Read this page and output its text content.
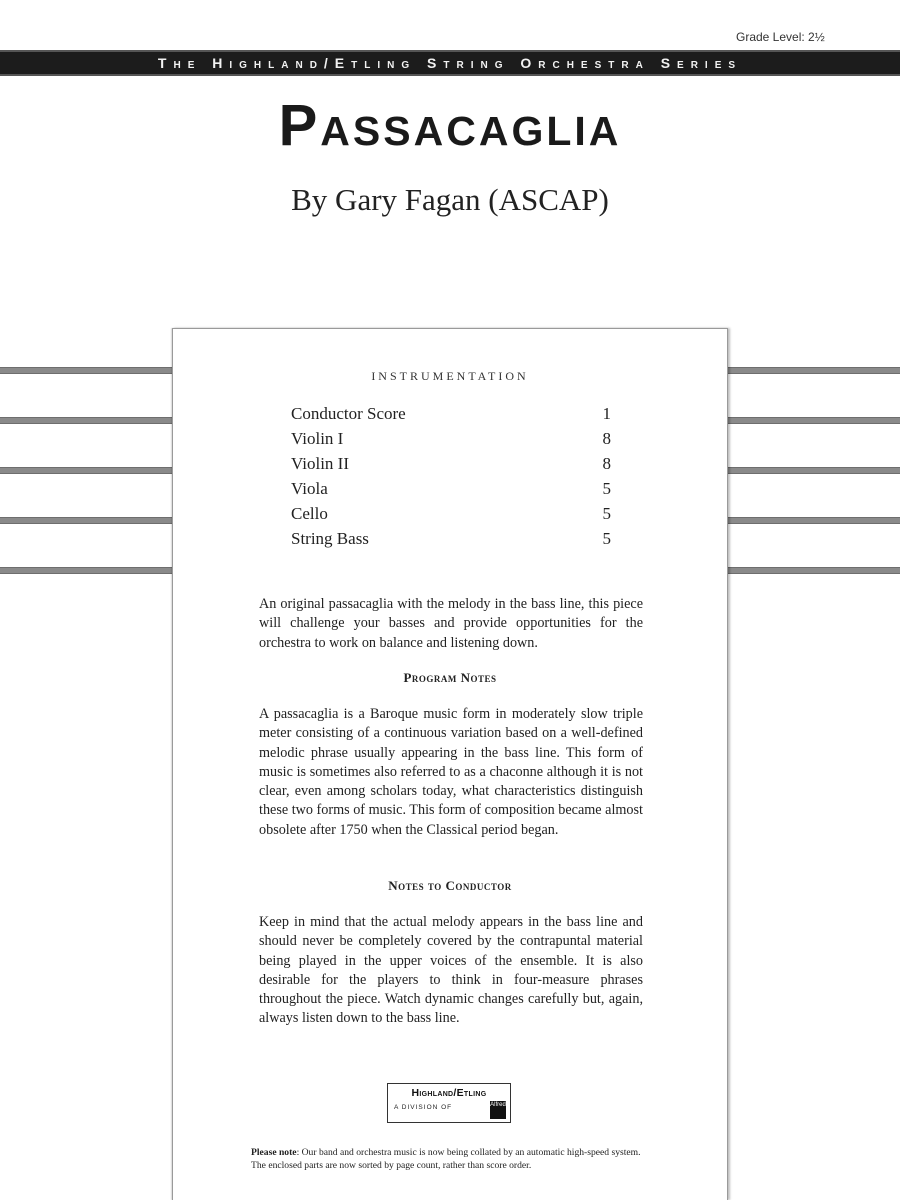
Grade Level: 2½
The Highland/Etling String Orchestra Series
Passacaglia
By Gary Fagan (ASCAP)
INSTRUMENTATION
Conductor Score	1
Violin I	8
Violin II	8
Viola	5
Cello	5
String Bass	5

An original passacaglia with the melody in the bass line, this piece will challenge your basses and provide opportunities for the orchestra to work on balance and listening down.

Program Notes

A passacaglia is a Baroque music form in moderately slow triple meter consisting of a continuous variation based on a well-defined melodic phrase usually appearing in the bass line. This form of music is sometimes also referred to as a chaconne although it is not clear, even among scholars today, what characteristics distinguish these two forms of music. This form of composition became almost obsolete after 1750 when the Classical period began.

Notes to Conductor

Keep in mind that the actual melody appears in the bass line and should never be completely covered by the contrapuntal material being played in the upper voices of the ensemble. It is also desirable for the players to think in four-measure phrases throughout the piece. Watch dynamic changes carefully but, again, always listen down to the bass line.

Highland/Etling
A DIVISION OF	Alfred

Please note: Our band and orchestra music is now being collated by an automatic high-speed system. The enclosed parts are now sorted by page count, rather than score order.
